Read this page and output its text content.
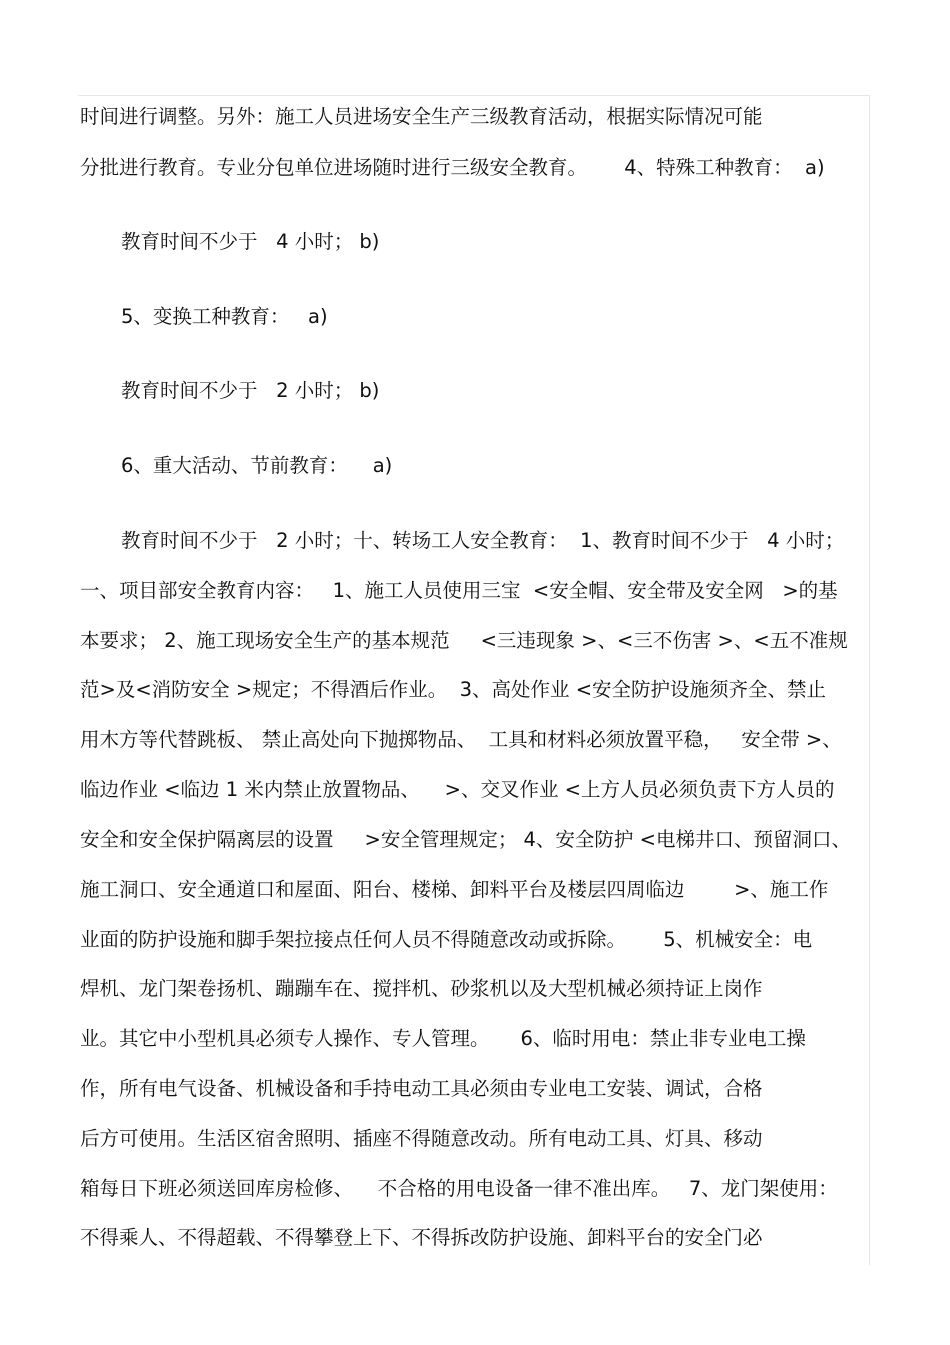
时间进行调整。另外：施工人员进场安全生产三级教育活动，根据实际情况可能

分批进行教育。专业分包单位进场随时进行三级安全教育。      4、特殊工种教育：  a)

教育时间不少于   4 小时； b)

5、变换工种教育：   a)

教育时间不少于   2 小时； b)

6、重大活动、节前教育：    a)

教育时间不少于   2 小时；十、转场工人安全教育：  1、教育时间不少于   4 小时；

一、项目部安全教育内容：   1、施工人员使用三宝  <安全帽、安全带及安全网   >的基

本要求； 2、施工现场安全生产的基本规范     <三违现象 >、<三不伤害 >、<五不准规

范>及<消防安全 >规定；不得酒后作业。  3、高处作业 <安全防护设施须齐全、禁止

用木方等代替跳板、 禁止高处向下抛掷物品、  工具和材料必须放置平稳，   安全带 >、

临边作业 <临边 1 米内禁止放置物品、    >、交叉作业 <上方人员必须负责下方人员的

安全和安全保护隔离层的设置     >安全管理规定； 4、安全防护 <电梯井口、预留洞口、

施工洞口、安全通道口和屋面、阳台、楼梯、卸料平台及楼层四周临边        >、施工作

业面的防护设施和脚手架拉接点任何人员不得随意改动或拆除。      5、机械安全：电

焊机、龙门架卷扬机、蹦蹦车在、搅拌机、砂浆机以及大型机械必须持证上岗作

业。其它中小型机具必须专人操作、专人管理。     6、临时用电：禁止非专业电工操

作，所有电气设备、机械设备和手持电动工具必须由专业电工安装、调试，合格

后方可使用。生活区宿舍照明、插座不得随意改动。所有电动工具、灯具、移动

箱每日下班必须送回库房检修、    不合格的用电设备一律不准出库。   7、龙门架使用：

不得乘人、不得超载、不得攀登上下、不得拆改防护设施、卸料平台的安全门必
